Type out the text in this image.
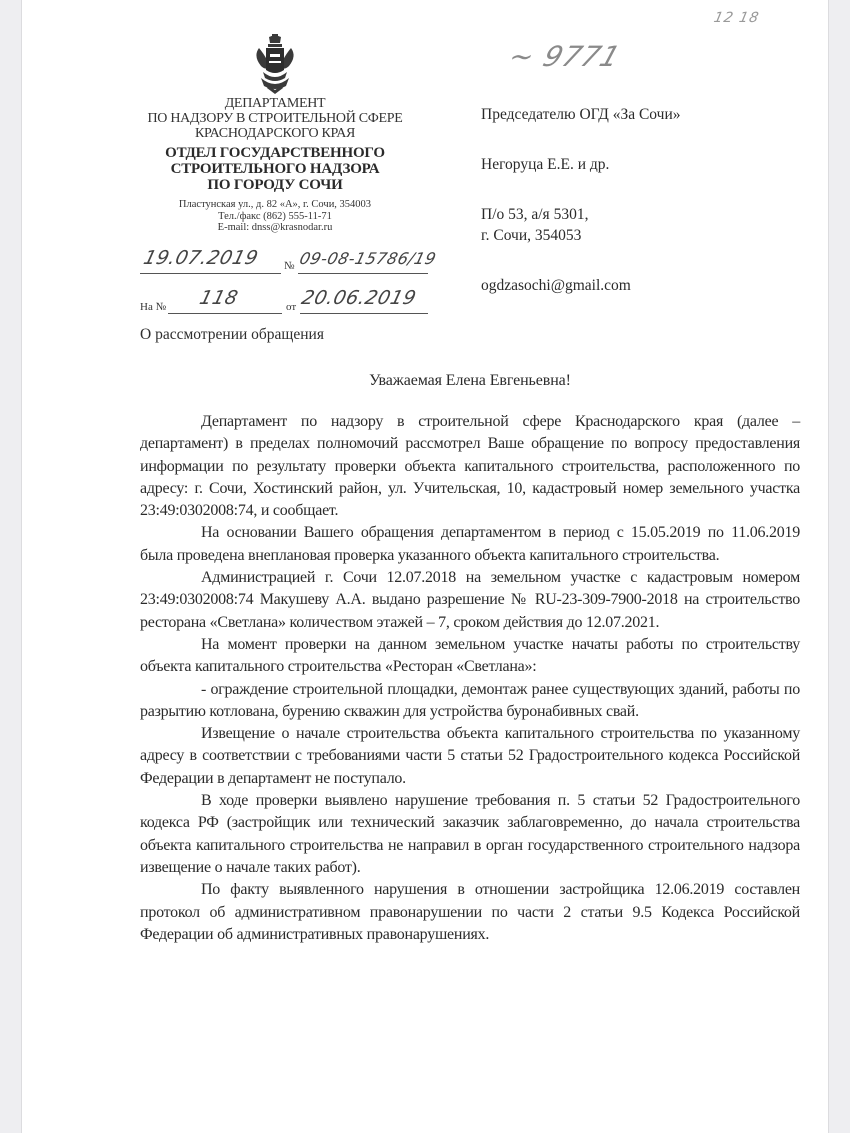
12 18
~ 9771
ДЕПАРТАМЕНТ
ПО НАДЗОРУ В СТРОИТЕЛЬНОЙ СФЕРЕ
КРАСНОДАРСКОГО КРАЯ
ОТДЕЛ ГОСУДАРСТВЕННОГО
СТРОИТЕЛЬНОГО НАДЗОРА
ПО ГОРОДУ СОЧИ
Пластунская ул., д. 82 «А», г. Сочи, 354003
Тел./факс (862) 555-11-71
E-mail: dnss@krasnodar.ru
19.07.2019 № 09-08-15786/19
На № 118	от 20.06.2019
О рассмотрении обращения
Председателю ОГД «За Сочи»
Негоруца Е.Е. и др.
П/о 53, а/я 5301,
г. Сочи, 354053
ogdzasochi@gmail.com
Уважаемая Елена Евгеньевна!

Департамент по надзору в строительной сфере Краснодарского края (далее – департамент) в пределах полномочий рассмотрел Ваше обращение по вопросу предоставления информации по результату проверки объекта капитального строительства, расположенного по адресу: г. Сочи, Хостинский район, ул. Учительская, 10, кадастровый номер земельного участка 23:49:0302008:74, и сообщает.

На основании Вашего обращения департаментом в период с 15.05.2019 по 11.06.2019 была проведена внеплановая проверка указанного объекта капитального строительства.

Администрацией г. Сочи 12.07.2018 на земельном участке с кадастровым номером 23:49:0302008:74 Макушеву А.А. выдано разрешение № RU-23-309-7900-2018 на строительство ресторана «Светлана» количеством этажей – 7, сроком действия до 12.07.2021.

На момент проверки на данном земельном участке начаты работы по строительству объекта капитального строительства «Ресторан «Светлана»:

- ограждение строительной площадки, демонтаж ранее существующих зданий, работы по разрытию котлована, бурению скважин для устройства буронабивных свай.

Извещение о начале строительства объекта капитального строительства по указанному адресу в соответствии с требованиями части 5 статьи 52 Градостроительного кодекса Российской Федерации в департамент не поступало.

В ходе проверки выявлено нарушение требования п. 5 статьи 52 Градостроительного кодекса РФ (застройщик или технический заказчик заблаговременно, до начала строительства объекта капитального строительства не направил в орган государственного строительного надзора извещение о начале таких работ).

По факту выявленного нарушения в отношении застройщика 12.06.2019 составлен протокол об административном правонарушении по части 2 статьи 9.5 Кодекса Российской Федерации об административных правонарушениях.
